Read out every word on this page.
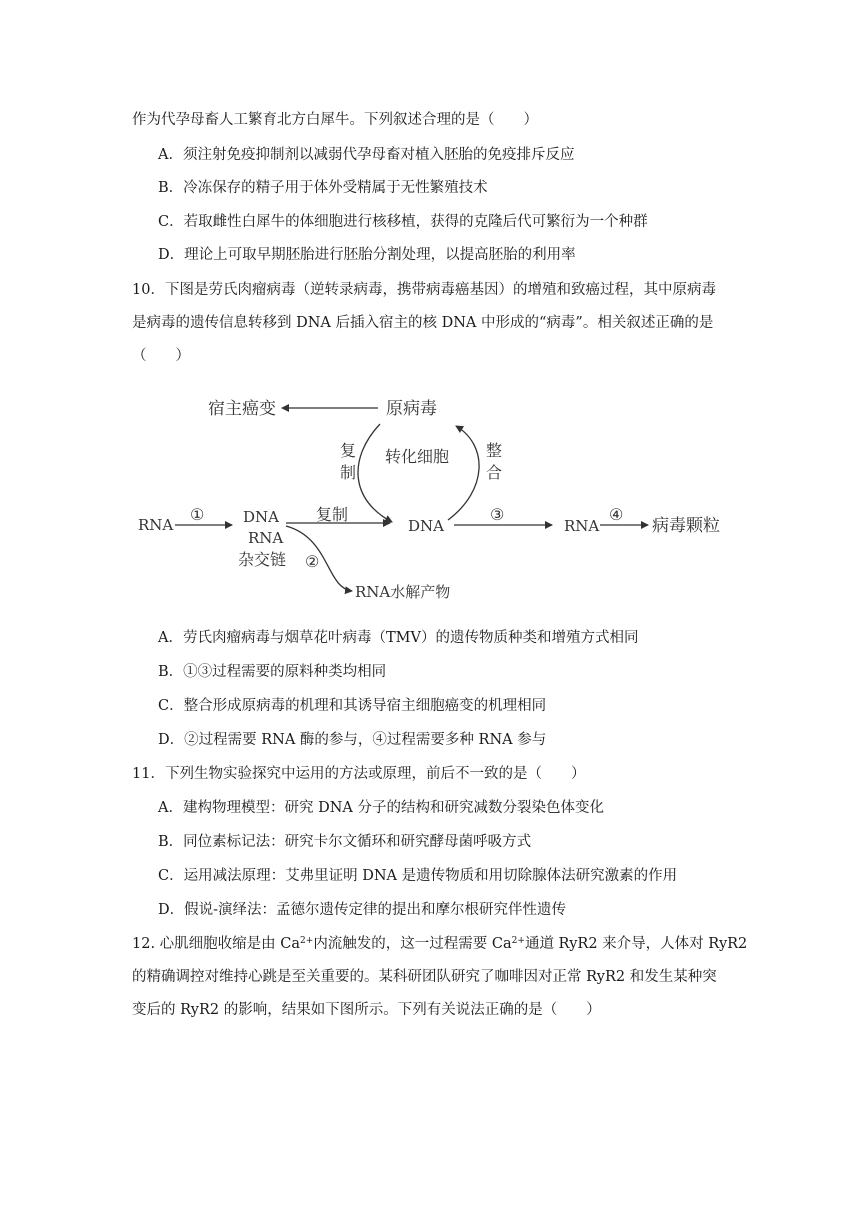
作为代孕母畜人工繁育北方白犀牛。下列叙述合理的是（　　）
A．须注射免疫抑制剂以减弱代孕母畜对植入胚胎的免疫排斥反应
B．冷冻保存的精子用于体外受精属于无性繁殖技术
C．若取雌性白犀牛的体细胞进行核移植，获得的克隆后代可繁衍为一个种群
D．理论上可取早期胚胎进行胚胎分割处理，以提高胚胎的利用率
10．下图是劳氏肉瘤病毒（逆转录病毒，携带病毒癌基因）的增殖和致癌过程，其中原病毒
是病毒的遗传信息转移到 DNA 后插入宿主的核 DNA 中形成的“病毒”。相关叙述正确的是
（　　）
宿主癌变	原病毒
复
制
转化细胞 整
合
RNA
①	DNA
RNA
杂交链
复制
②
RNA水解产物
DNA
③
RNA
④
病毒颗粒
A．劳氏肉瘤病毒与烟草花叶病毒（TMV）的遗传物质种类和增殖方式相同
B．①③过程需要的原料种类均相同
C．整合形成原病毒的机理和其诱导宿主细胞癌变的机理相同
D．②过程需要 RNA 酶的参与，④过程需要多种 RNA 参与
11．下列生物实验探究中运用的方法或原理，前后不一致的是（　　）
A．建构物理模型：研究 DNA 分子的结构和研究减数分裂染色体变化
B．同位素标记法：研究卡尔文循环和研究酵母菌呼吸方式
C．运用减法原理：艾弗里证明 DNA 是遗传物质和用切除腺体法研究激素的作用
D．假说-演绎法：孟德尔遗传定律的提出和摩尔根研究伴性遗传
12. 心肌细胞收缩是由 $Ca^{2+}$内流触发的，这一过程需要 $Ca^{2+}$通道 RyR2 来介导，人体对 RyR2
的精确调控对维持心跳是至关重要的。某科研团队研究了咖啡因对正常 RyR2 和发生某种突
变后的 RyR2 的影响，结果如下图所示。下列有关说法正确的是（　　）
